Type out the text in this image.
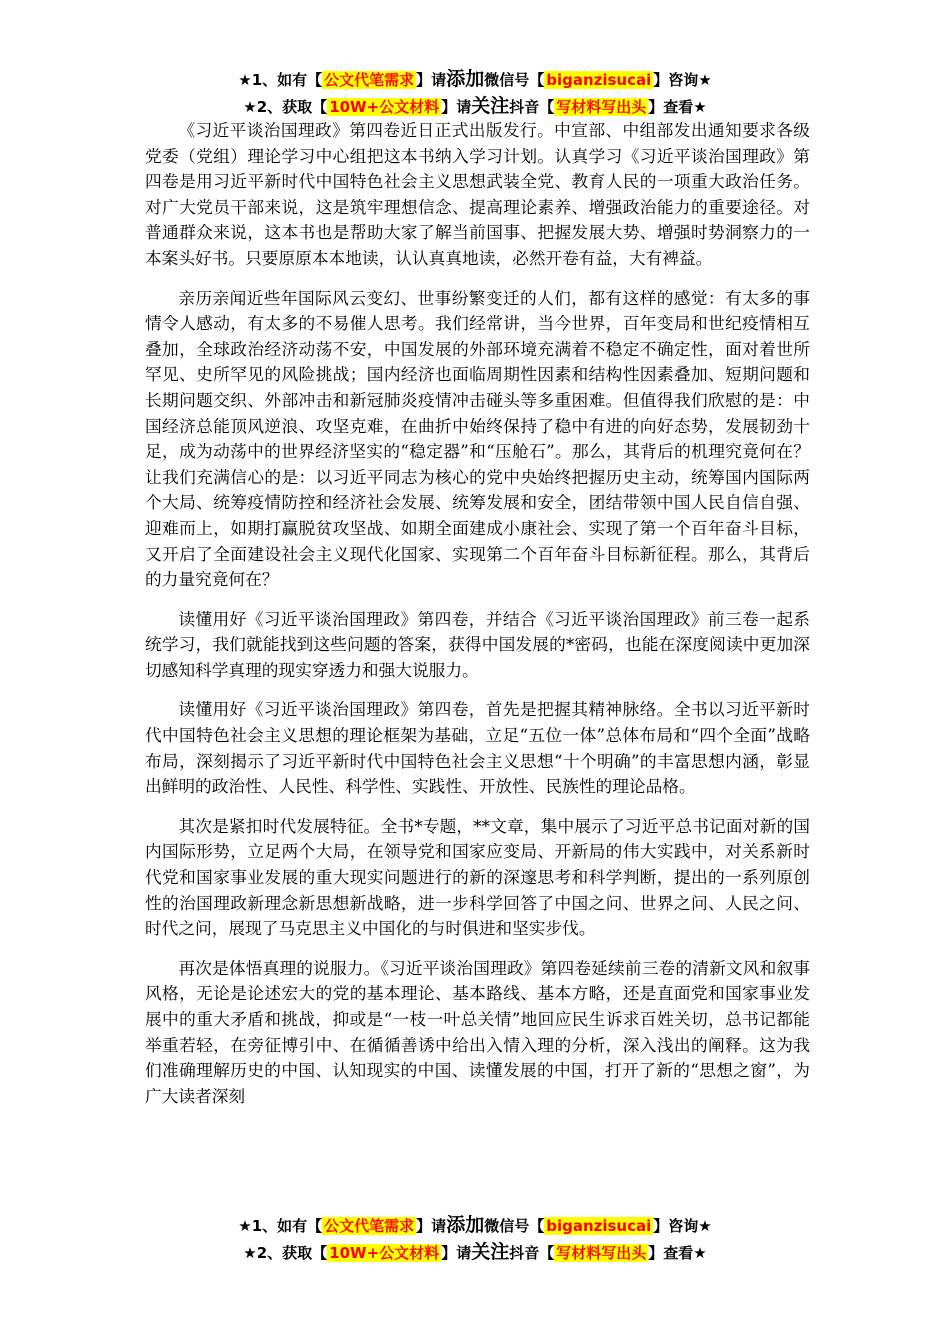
★1、如有【 公文代笔需求 】请添加微信号【 biganzisucai 】咨询★
★2、获取【 10W+公文材料 】请关注抖音【 写材料写出头 】查看★

《习近平谈治国理政》第四卷近日正式出版发行。中宣部、中组部发出通知要求各级党委（党组）理论学习中心组把这本书纳入学习计划。认真学习《习近平谈治国理政》第四卷是用习近平新时代中国特色社会主义思想武装全党、教育人民的一项重大政治任务。对广大党员干部来说，这是筑牢理想信念、提高理论素养、增强政治能力的重要途径。对普通群众来说，这本书也是帮助大家了解当前国事、把握发展大势、增强时势洞察力的一本案头好书。只要原原本本地读，认认真真地读，必然开卷有益，大有裨益。

亲历亲闻近些年国际风云变幻、世事纷繁变迁的人们，都有这样的感觉：有太多的事情令人感动，有太多的不易催人思考。我们经常讲，当今世界，百年变局和世纪疫情相互叠加，全球政治经济动荡不安，中国发展的外部环境充满着不稳定不确定性，面对着世所罕见、史所罕见的风险挑战；国内经济也面临周期性因素和结构性因素叠加、短期问题和长期问题交织、外部冲击和新冠肺炎疫情冲击碰头等多重困难。但值得我们欣慰的是：中国经济总能顶风逆浪、攻坚克难，在曲折中始终保持了稳中有进的向好态势，发展韧劲十足，成为动荡中的世界经济坚实的“稳定器”和“压舱石”。那么，其背后的机理究竟何在？让我们充满信心的是：以习近平同志为核心的党中央始终把握历史主动，统筹国内国际两个大局、统筹疫情防控和经济社会发展、统筹发展和安全，团结带领中国人民自信自强、迎难而上，如期打赢脱贫攻坚战、如期全面建成小康社会、实现了第一个百年奋斗目标，又开启了全面建设社会主义现代化国家、实现第二个百年奋斗目标新征程。那么，其背后的力量究竟何在？

读懂用好《习近平谈治国理政》第四卷，并结合《习近平谈治国理政》前三卷一起系统学习，我们就能找到这些问题的答案，获得中国发展的*密码，也能在深度阅读中更加深切感知科学真理的现实穿透力和强大说服力。

读懂用好《习近平谈治国理政》第四卷，首先是把握其精神脉络。全书以习近平新时代中国特色社会主义思想的理论框架为基础，立足“五位一体”总体布局和“四个全面”战略布局，深刻揭示了习近平新时代中国特色社会主义思想“十个明确”的丰富思想内涵，彰显出鲜明的政治性、人民性、科学性、实践性、开放性、民族性的理论品格。

其次是紧扣时代发展特征。全书*专题，**文章，集中展示了习近平总书记面对新的国内国际形势，立足两个大局，在领导党和国家应变局、开新局的伟大实践中，对关系新时代党和国家事业发展的重大现实问题进行的新的深邃思考和科学判断，提出的一系列原创性的治国理政新理念新思想新战略，进一步科学回答了中国之问、世界之问、人民之问、时代之问，展现了马克思主义中国化的与时俱进和坚实步伐。

再次是体悟真理的说服力。《习近平谈治国理政》第四卷延续前三卷的清新文风和叙事风格，无论是论述宏大的党的基本理论、基本路线、基本方略，还是直面党和国家事业发展中的重大矛盾和挑战，抑或是“一枝一叶总关情”地回应民生诉求百姓关切，总书记都能举重若轻，在旁征博引中、在循循善诱中给出入情入理的分析，深入浅出的阐释。这为我们准确理解历史的中国、认知现实的中国、读懂发展的中国，打开了新的“思想之窗”，为广大读者深刻

★1、如有【 公文代笔需求 】请添加微信号【 biganzisucai 】咨询★
★2、获取【 10W+公文材料 】请关注抖音【 写材料写出头 】查看★
